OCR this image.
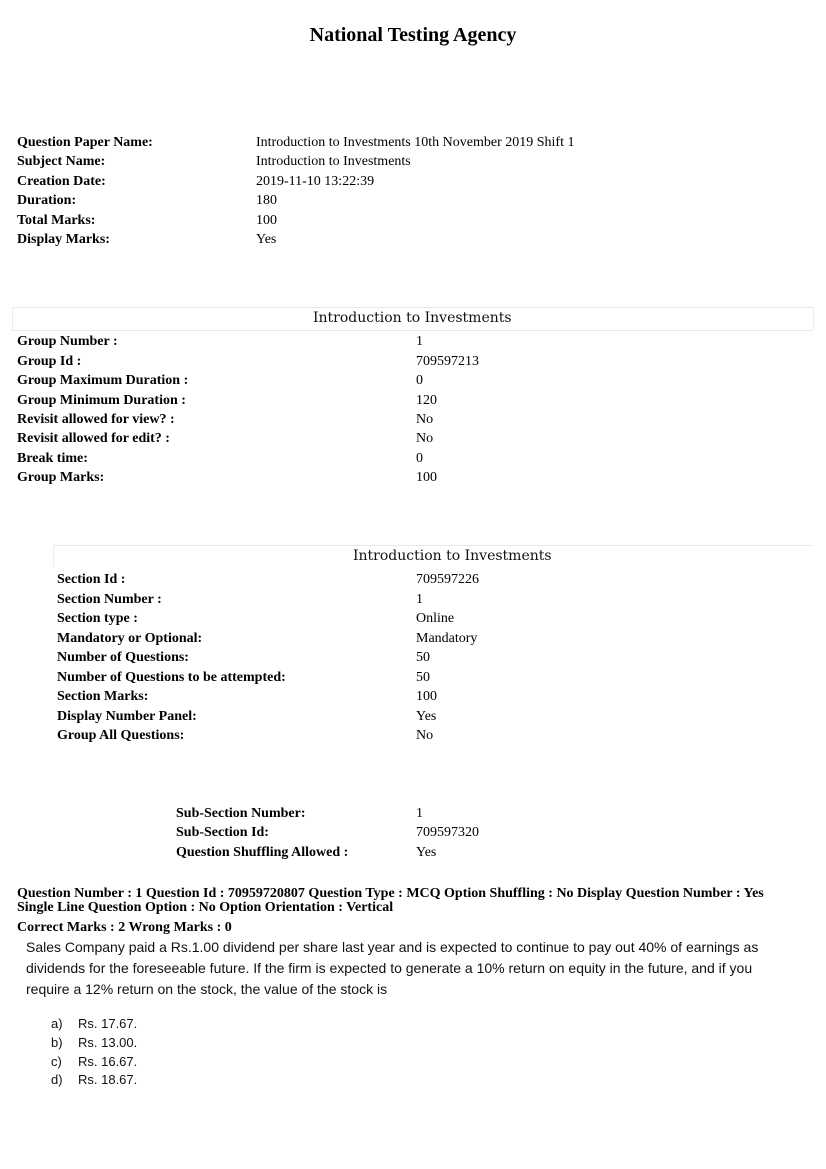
National Testing Agency
Question Paper Name:	Introduction to Investments 10th November 2019 Shift 1
Subject Name:	Introduction to Investments
Creation Date:	2019-11-10 13:22:39
Duration:	180
Total Marks:	100
Display Marks:	Yes
Introduction to Investments
Group Number :	1
Group Id :	709597213
Group Maximum Duration :	0
Group Minimum Duration :	120
Revisit allowed for view? :	No
Revisit allowed for edit? :	No
Break time:	0
Group Marks:	100
Introduction to Investments
Section Id :	709597226
Section Number :	1
Section type :	Online
Mandatory or Optional:	Mandatory
Number of Questions:	50
Number of Questions to be attempted:	50
Section Marks:	100
Display Number Panel:	Yes
Group All Questions:	No
Sub-Section Number:	1
Sub-Section Id:	709597320
Question Shuffling Allowed :	Yes
Question Number : 1 Question Id : 70959720807 Question Type : MCQ Option Shuffling : No Display Question Number : Yes
Single Line Question Option : No Option Orientation : Vertical
Correct Marks : 2 Wrong Marks : 0
Sales Company paid a Rs.1.00 dividend per share last year and is expected to continue to pay out 40% of earnings as dividends for the foreseeable future. If the firm is expected to generate a 10% return on equity in the future, and if you require a 12% return on the stock, the value of the stock is
a) Rs. 17.67.
b) Rs. 13.00.
c) Rs. 16.67.
d) Rs. 18.67.
